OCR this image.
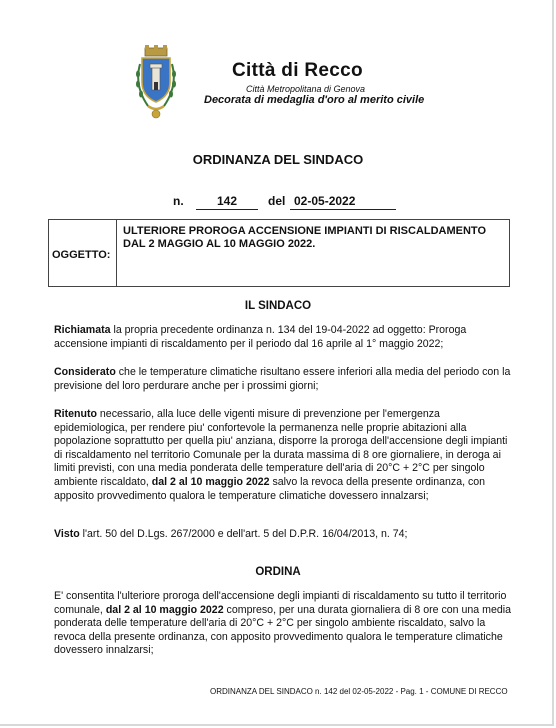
Città di Recco
Città Metropolitana di Genova
Decorata di medaglia d'oro al merito civile
ORDINANZA DEL SINDACO
n.	142	del 02-05-2022
OGGETTO:
ULTERIORE PROROGA ACCENSIONE IMPIANTI DI RISCALDAMENTO DAL 2 MAGGIO AL 10 MAGGIO 2022.
IL SINDACO
Richiamata la propria precedente ordinanza n. 134 del 19-04-2022 ad oggetto: Proroga accensione impianti di riscaldamento per il periodo dal 16 aprile al 1° maggio 2022;
Considerato che le temperature climatiche risultano essere inferiori alla media del periodo con la previsione del loro perdurare anche per i prossimi giorni;
Ritenuto necessario, alla luce delle vigenti misure di prevenzione per l'emergenza epidemiologica, per rendere piu' confortevole la permanenza nelle proprie abitazioni alla popolazione soprattutto per quella piu' anziana, disporre la proroga dell'accensione degli impianti di riscaldamento nel territorio Comunale per la durata massima di 8 ore giornaliere, in deroga ai limiti previsti, con una media ponderata delle temperature dell'aria di 20°C + 2°C per singolo ambiente riscaldato, dal 2 al 10 maggio 2022 salvo la revoca della presente ordinanza, con apposito provvedimento qualora le temperature climatiche dovessero innalzarsi;
Visto l'art. 50 del D.Lgs. 267/2000 e dell'art. 5 del D.P.R. 16/04/2013, n. 74;
ORDINA
E' consentita l'ulteriore proroga dell'accensione degli impianti di riscaldamento su tutto il territorio comunale, dal 2 al 10 maggio 2022 compreso, per una durata giornaliera di 8 ore con una media ponderata delle temperature dell'aria di 20°C + 2°C per singolo ambiente riscaldato, salvo la revoca della presente ordinanza, con apposito provvedimento qualora le temperature climatiche dovessero innalzarsi;
ORDINANZA DEL SINDACO n. 142 del 02-05-2022 - Pag. 1 - COMUNE DI RECCO
